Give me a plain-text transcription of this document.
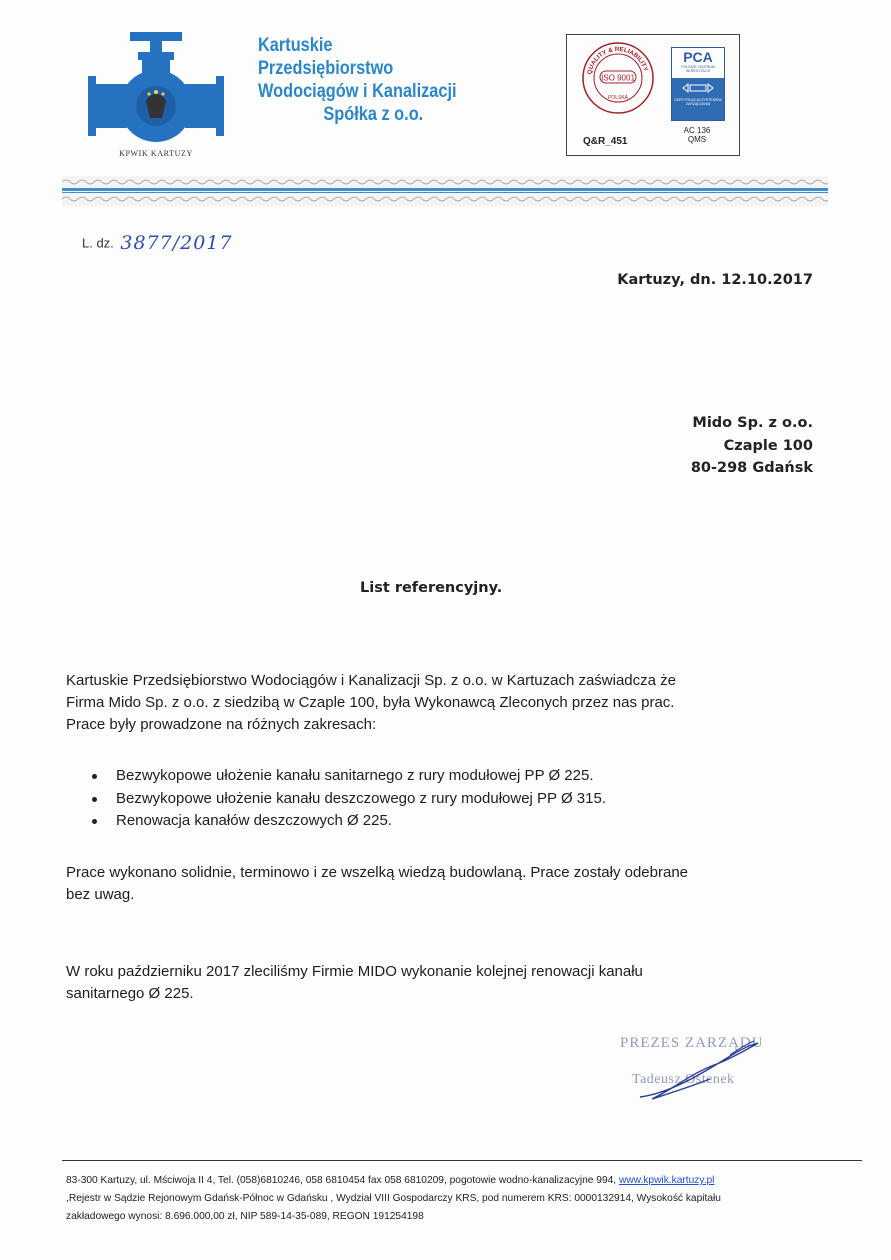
KPWIK KARTUZY
Kartuskie
Przedsiębiorstwo
Wodociągów i Kanalizacji
Spółka z o.o.
QUALITY & RELIABILITY
ISO 9001
POLSKA
Q&R_451
PCA
POLSKIE CENTRUM AKREDYTACJI
CERTYFIKACJA SYSTEMÓW ZARZĄDZANIA
AC 136
QMS
L. dz. 3877/2017
Kartuzy, dn. 12.10.2017
Mido Sp. z o.o.
Czaple 100
80-298 Gdańsk
List referencyjny.
Kartuskie Przedsiębiorstwo Wodociągów i Kanalizacji Sp. z o.o. w Kartuzach zaświadcza że
Firma Mido Sp. z o.o. z siedzibą w Czaple 100, była Wykonawcą Zleconych przez nas prac.
Prace były prowadzone na różnych zakresach:
Bezwykopowe ułożenie kanału sanitarnego z rury modułowej PP Ø 225.
Bezwykopowe ułożenie kanału deszczowego z rury modułowej PP Ø 315.
Renowacja kanałów deszczowych Ø 225.
Prace wykonano solidnie, terminowo i ze wszelką wiedzą budowlaną. Prace zostały odebrane
bez uwag.
W roku październiku 2017 zleciliśmy Firmie MIDO wykonanie kolejnej renowacji kanału
sanitarnego Ø 225.
PREZES ZARZĄDU
Tadeusz Ostenek
83-300 Kartuzy, ul. Mściwoja II 4, Tel. (058)6810246, 058 6810454 fax 058 6810209, pogotowie wodno-kanalizacyjne 994, www.kpwik.kartuzy.pl
,Rejestr w Sądzie Rejonowym Gdańsk-Północ w Gdańsku , Wydział VIII Gospodarczy KRS, pod numerem KRS: 0000132914, Wysokość kapitału
zakładowego wynosi: 8.696.000,00 zł, NIP 589-14-35-089, REGON 191254198
